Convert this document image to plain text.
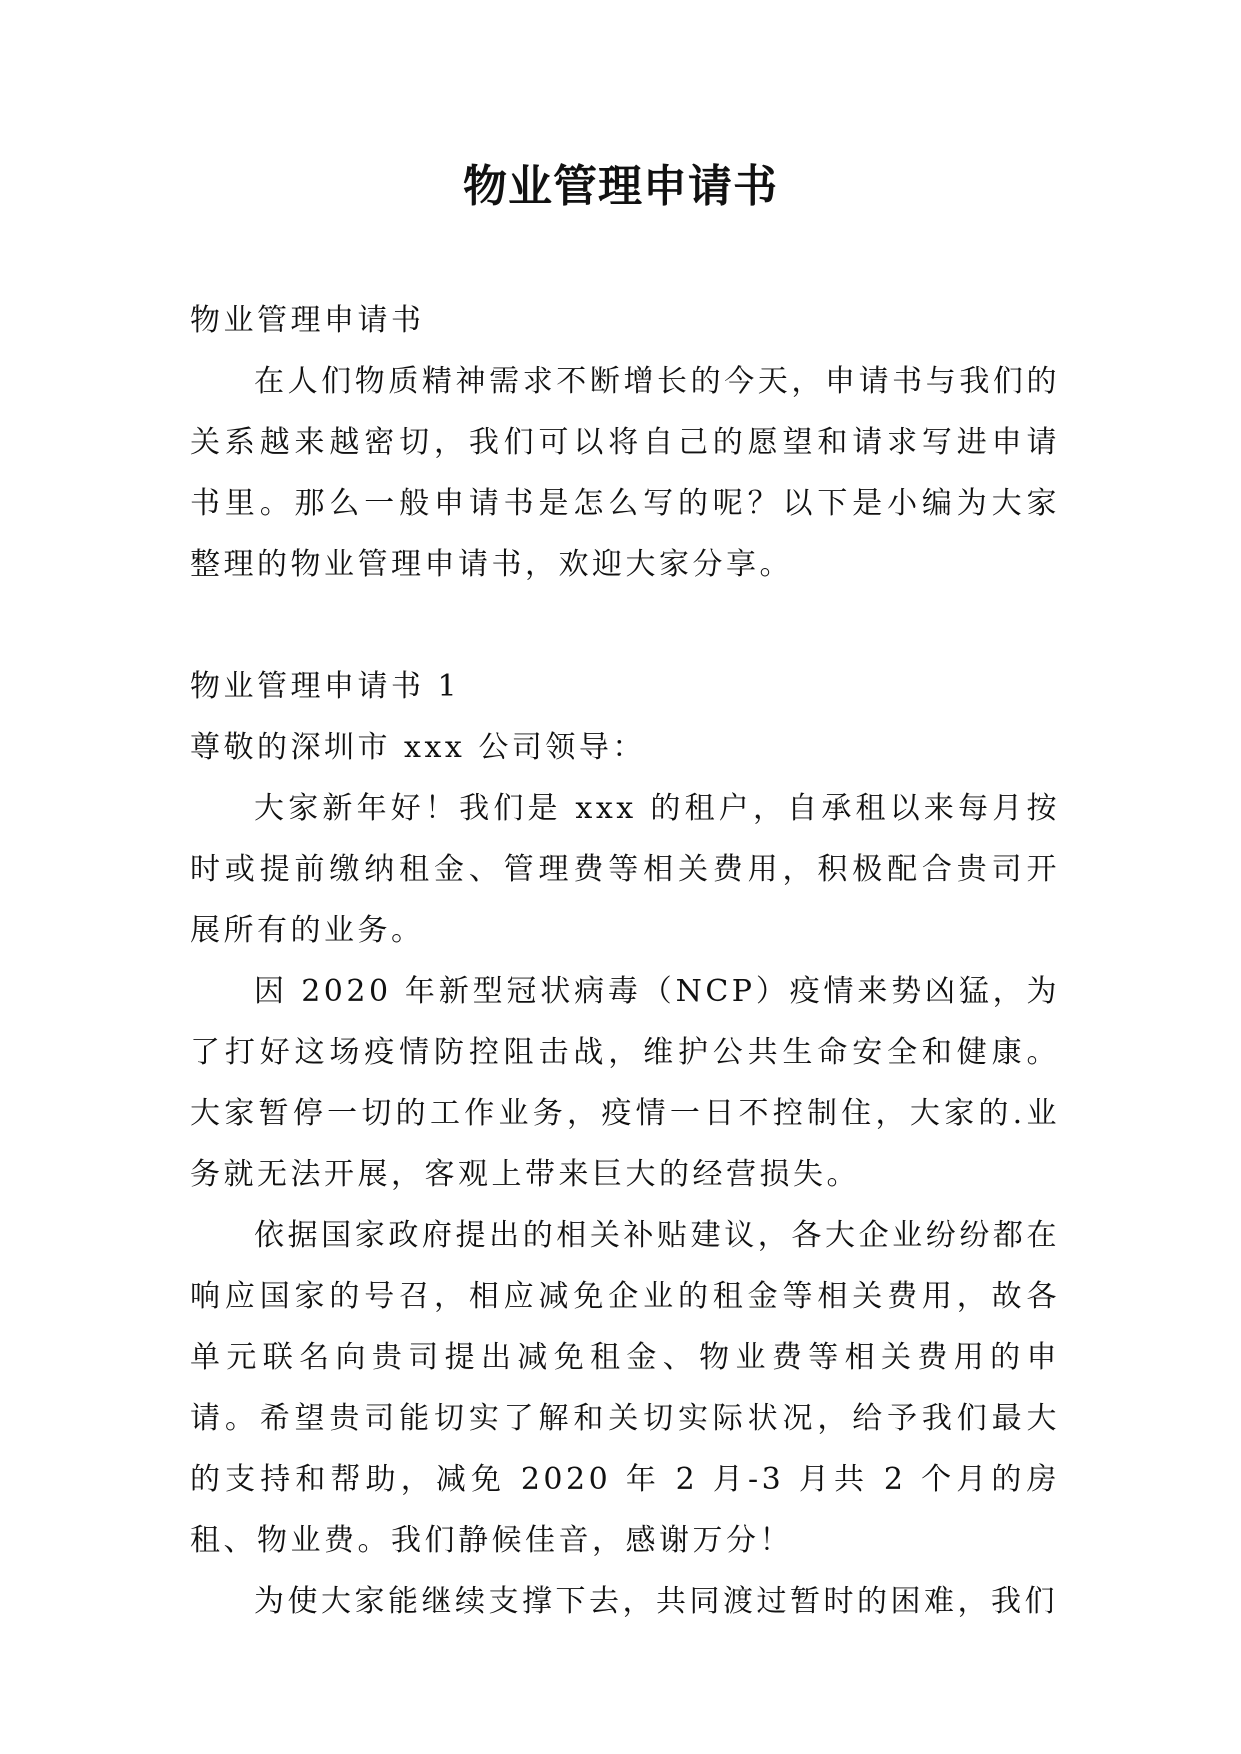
物业管理申请书

物业管理申请书

在人们物质精神需求不断增长的今天，申请书与我们的关系越来越密切，我们可以将自己的愿望和请求写进申请书里。那么一般申请书是怎么写的呢？以下是小编为大家整理的物业管理申请书，欢迎大家分享。

物业管理申请书 1

尊敬的深圳市 xxx 公司领导：

大家新年好！我们是 xxx 的租户，自承租以来每月按时或提前缴纳租金、管理费等相关费用，积极配合贵司开展所有的业务。

因 2020 年新型冠状病毒（NCP）疫情来势凶猛，为了打好这场疫情防控阻击战，维护公共生命安全和健康。大家暂停一切的工作业务，疫情一日不控制住，大家的.业务就无法开展，客观上带来巨大的经营损失。

依据国家政府提出的相关补贴建议，各大企业纷纷都在响应国家的号召，相应减免企业的租金等相关费用，故各单元联名向贵司提出减免租金、物业费等相关费用的申请。希望贵司能切实了解和关切实际状况，给予我们最大的支持和帮助，减免 2020 年 2 月-3 月共 2 个月的房租、物业费。我们静候佳音，感谢万分！

为使大家能继续支撑下去，共同渡过暂时的困难，我们
